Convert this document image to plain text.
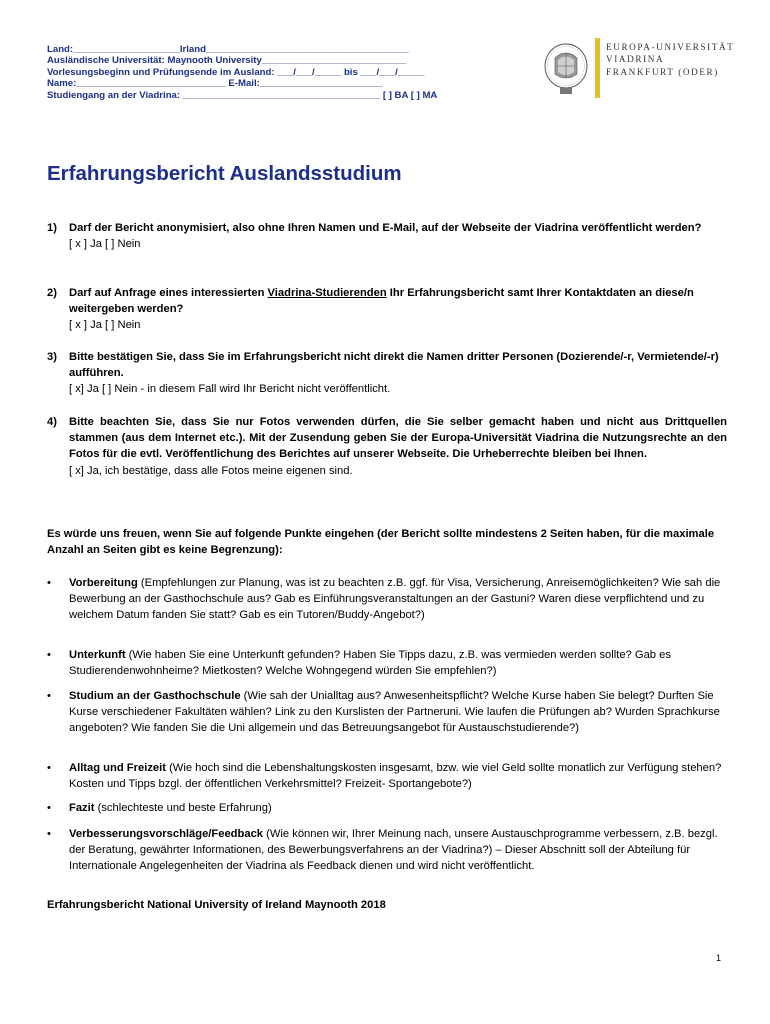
Land:____________________Irland______________________________________
Ausländische Universität: Maynooth University___________________________
Vorlesungsbeginn und Prüfungsende im Ausland: ___/___/_____ bis ___/___/_____
Name:____________________________ E-Mail:_______________________
Studiengang an der Viadrina: _____________________________________ [ ] BA [ ] MA
EUROPA-UNIVERSITÄT
VIADRINA
FRANKFURT (ODER)
Erfahrungsbericht Auslandsstudium
1) Darf der Bericht anonymisiert, also ohne Ihren Namen und E-Mail, auf der Webseite der Viadrina veröffentlicht werden?
[ x ] Ja [ ] Nein
2) Darf auf Anfrage eines interessierten Viadrina-Studierenden Ihr Erfahrungsbericht samt Ihrer Kontaktdaten an diese/n weitergeben werden?
[ x ] Ja [ ] Nein
3) Bitte bestätigen Sie, dass Sie im Erfahrungsbericht nicht direkt die Namen dritter Personen (Dozierende/-r, Vermietende/-r) aufführen.
[ x] Ja [ ] Nein - in diesem Fall wird Ihr Bericht nicht veröffentlicht.
4) Bitte beachten Sie, dass Sie nur Fotos verwenden dürfen, die Sie selber gemacht haben und nicht aus Drittquellen stammen (aus dem Internet etc.). Mit der Zusendung geben Sie der Europa-Universität Viadrina die Nutzungsrechte an den Fotos für die evtl. Veröffentlichung des Berichtes auf unserer Webseite. Die Urheberrechte bleiben bei Ihnen.
[ x] Ja, ich bestätige, dass alle Fotos meine eigenen sind.
Es würde uns freuen, wenn Sie auf folgende Punkte eingehen (der Bericht sollte mindestens 2 Seiten haben, für die maximale Anzahl an Seiten gibt es keine Begrenzung):
•	Vorbereitung (Empfehlungen zur Planung, was ist zu beachten z.B. ggf. für Visa, Versicherung, Anreisemöglichkeiten? Wie sah die Bewerbung an der Gasthochschule aus? Gab es Einführungsveranstaltungen an der Gastuni? Waren diese verpflichtend und zu welchem Datum fanden Sie statt? Gab es ein Tutoren/Buddy-Angebot?)
•	Unterkunft (Wie haben Sie eine Unterkunft gefunden? Haben Sie Tipps dazu, z.B. was vermieden werden sollte? Gab es Studierendenwohnheime? Mietkosten? Welche Wohngegend würden Sie empfehlen?)
•	Studium an der Gasthochschule (Wie sah der Unialltag aus? Anwesenheitspflicht? Welche Kurse haben Sie belegt? Durften Sie Kurse verschiedener Fakultäten wählen? Link zu den Kurslisten der Partneruni. Wie laufen die Prüfungen ab? Wurden Sprachkurse angeboten? Wie fanden Sie die Uni allgemein und das Betreuungsangebot für Austauschstudierende?)
•	Alltag und Freizeit (Wie hoch sind die Lebenshaltungskosten insgesamt, bzw. wie viel Geld sollte monatlich zur Verfügung stehen? Kosten und Tipps bzgl. der öffentlichen Verkehrsmittel? Freizeit- Sportangebote?)
•	Fazit (schlechteste und beste Erfahrung)
•	Verbesserungsvorschläge/Feedback (Wie können wir, Ihrer Meinung nach, unsere Austauschprogramme verbessern, z.B. bezgl. der Beratung, gewährter Informationen, des Bewerbungsverfahrens an der Viadrina?) – Dieser Abschnitt soll der Abteilung für Internationale Angelegenheiten der Viadrina als Feedback dienen und wird nicht veröffentlicht.
Erfahrungsbericht National University of Ireland Maynooth 2018
1
